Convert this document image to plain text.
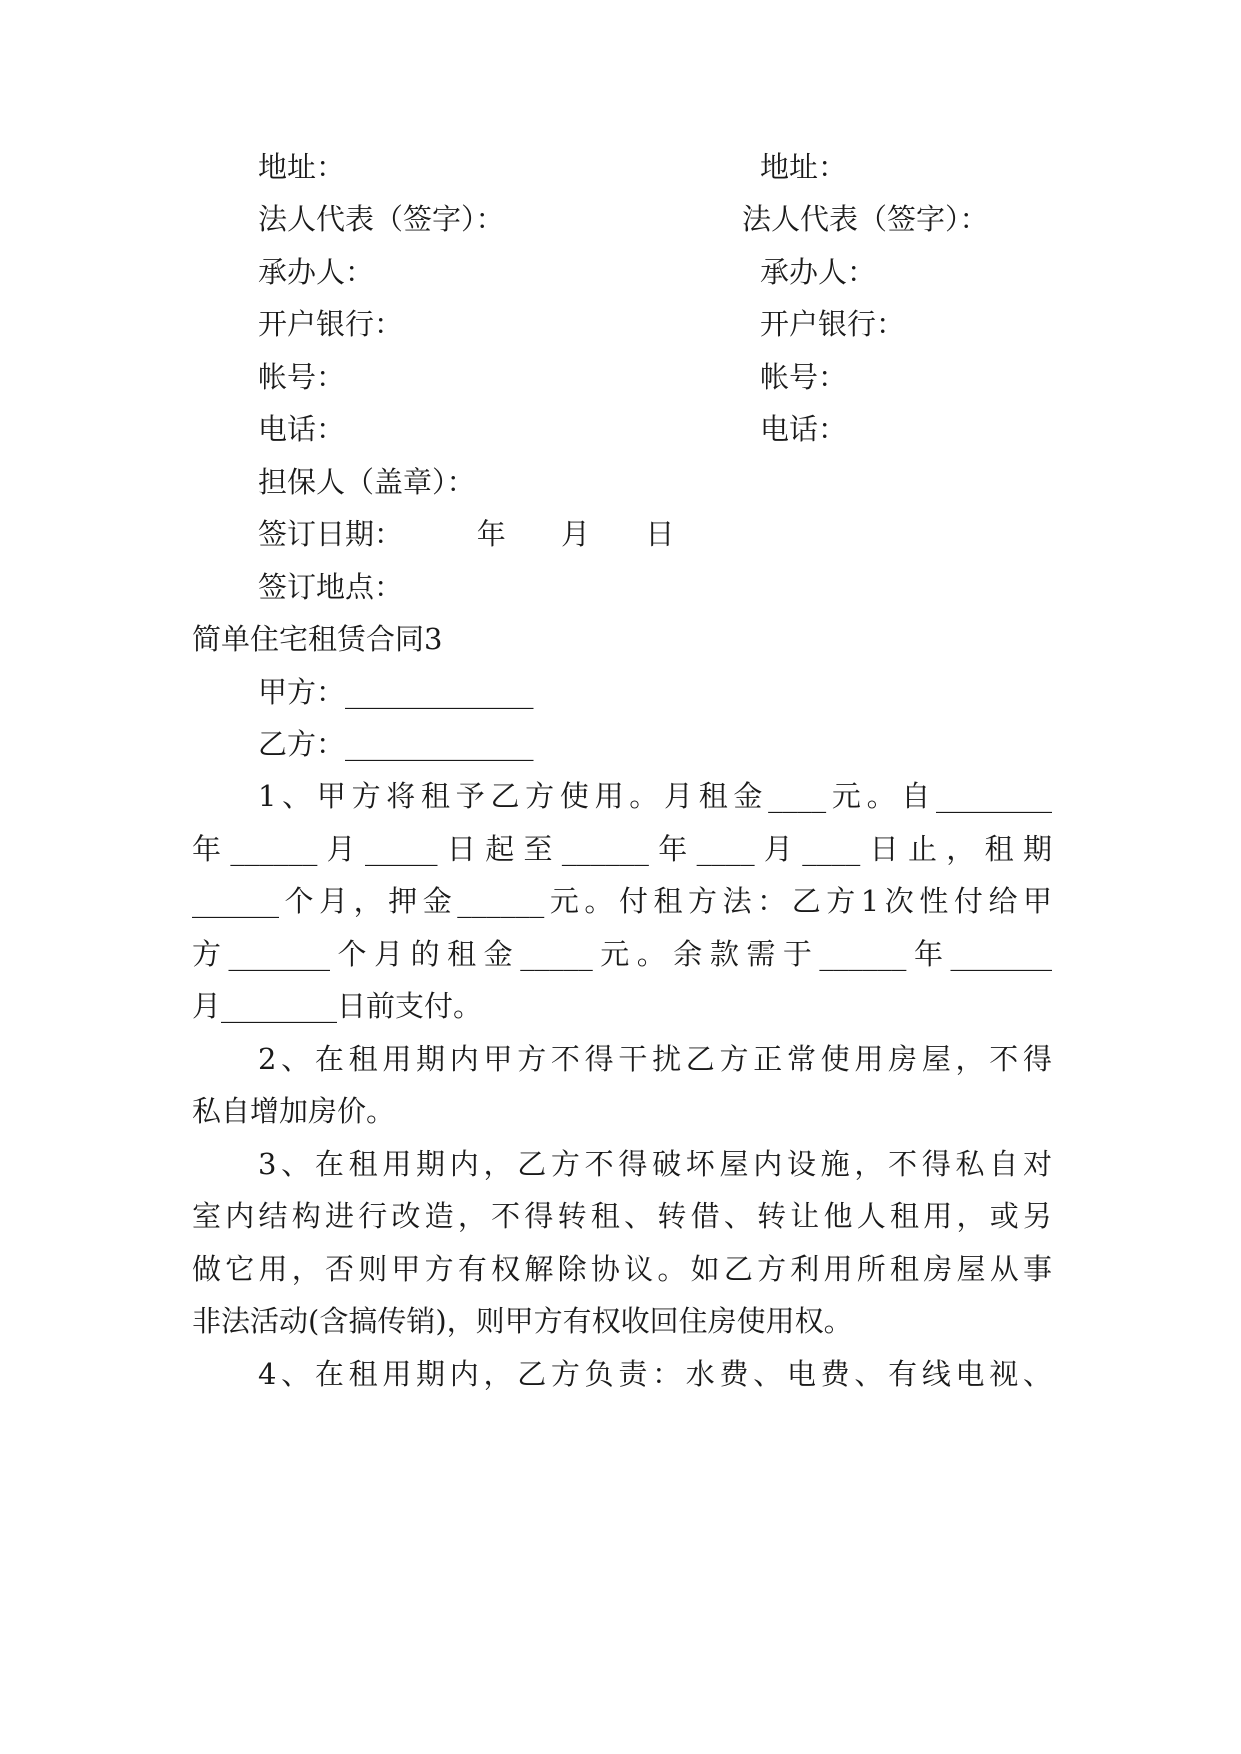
地址：
法人代表（签字）：
承办人：
开户银行：
帐号：
电话：
地址：
法人代表（签字）：
承办人：
开户银行：
帐号：
电话：
担保人（盖章）：
签订日期：        年      月      日
签订地点：
简单住宅租赁合同3
甲方：_____________
乙方：_____________
1、甲方将租予乙方使用。月租金____元。自________
年______月_____日起至______年____月____日止，租期
______个月，押金______元。付租方法：乙方1次性付给甲
方_______个月的租金_____元。余款需于______年_______
月________日前支付。
2、在租用期内甲方不得干扰乙方正常使用房屋，不得
私自增加房价。
3、在租用期内，乙方不得破坏屋内设施，不得私自对
室内结构进行改造，不得转租、转借、转让他人租用，或另
做它用，否则甲方有权解除协议。如乙方利用所租房屋从事
非法活动(含搞传销)，则甲方有权收回住房使用权。
4、在租用期内，乙方负责：水费、电费、有线电视、
